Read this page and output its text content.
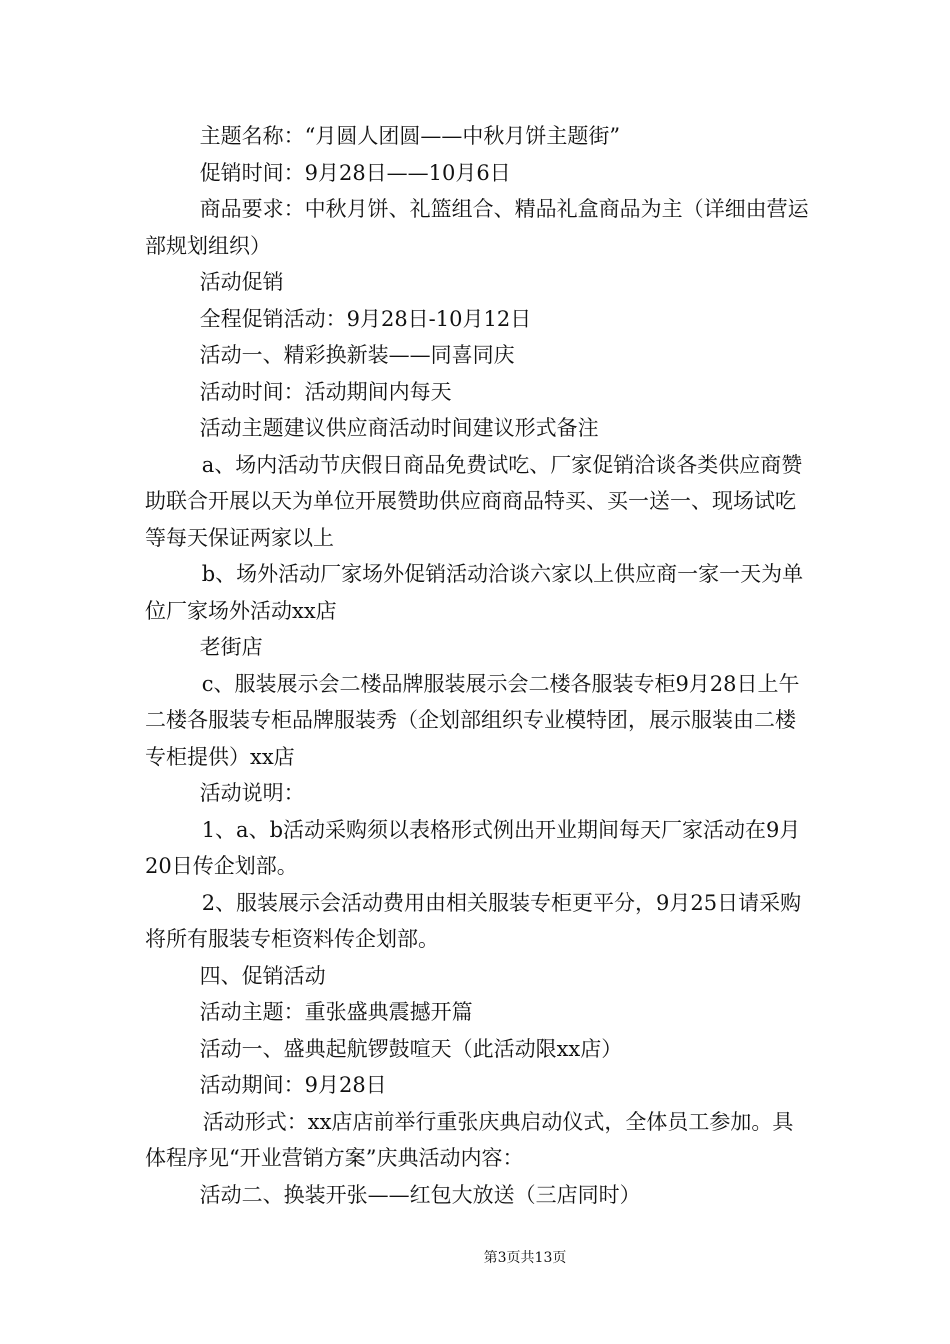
主题名称：“月圆人团圆——中秋月饼主题街”

促销时间：9月28日——10月6日

商品要求：中秋月饼、礼篮组合、精品礼盒商品为主（详细由营运部规划组织）

活动促销

全程促销活动：9月28日-10月12日

活动一、精彩换新装——同喜同庆

活动时间：活动期间内每天

活动主题建议供应商活动时间建议形式备注

a、场内活动节庆假日商品免费试吃、厂家促销洽谈各类供应商赞助联合开展以天为单位开展赞助供应商商品特买、买一送一、现场试吃等每天保证两家以上

b、场外活动厂家场外促销活动洽谈六家以上供应商一家一天为单位厂家场外活动xx店

老街店

c、服装展示会二楼品牌服装展示会二楼各服装专柜9月28日上午二楼各服装专柜品牌服装秀（企划部组织专业模特团，展示服装由二楼专柜提供）xx店

活动说明：

1、a、b活动采购须以表格形式例出开业期间每天厂家活动在9月20日传企划部。

2、服装展示会活动费用由相关服装专柜更平分，9月25日请采购将所有服装专柜资料传企划部。

四、促销活动

活动主题：重张盛典震撼开篇

活动一、盛典起航锣鼓喧天（此活动限xx店）

活动期间：9月28日

活动形式：xx店店前举行重张庆典启动仪式，全体员工参加。具体程序见“开业营销方案”庆典活动内容：

活动二、换装开张——红包大放送（三店同时）

第3页共13页
